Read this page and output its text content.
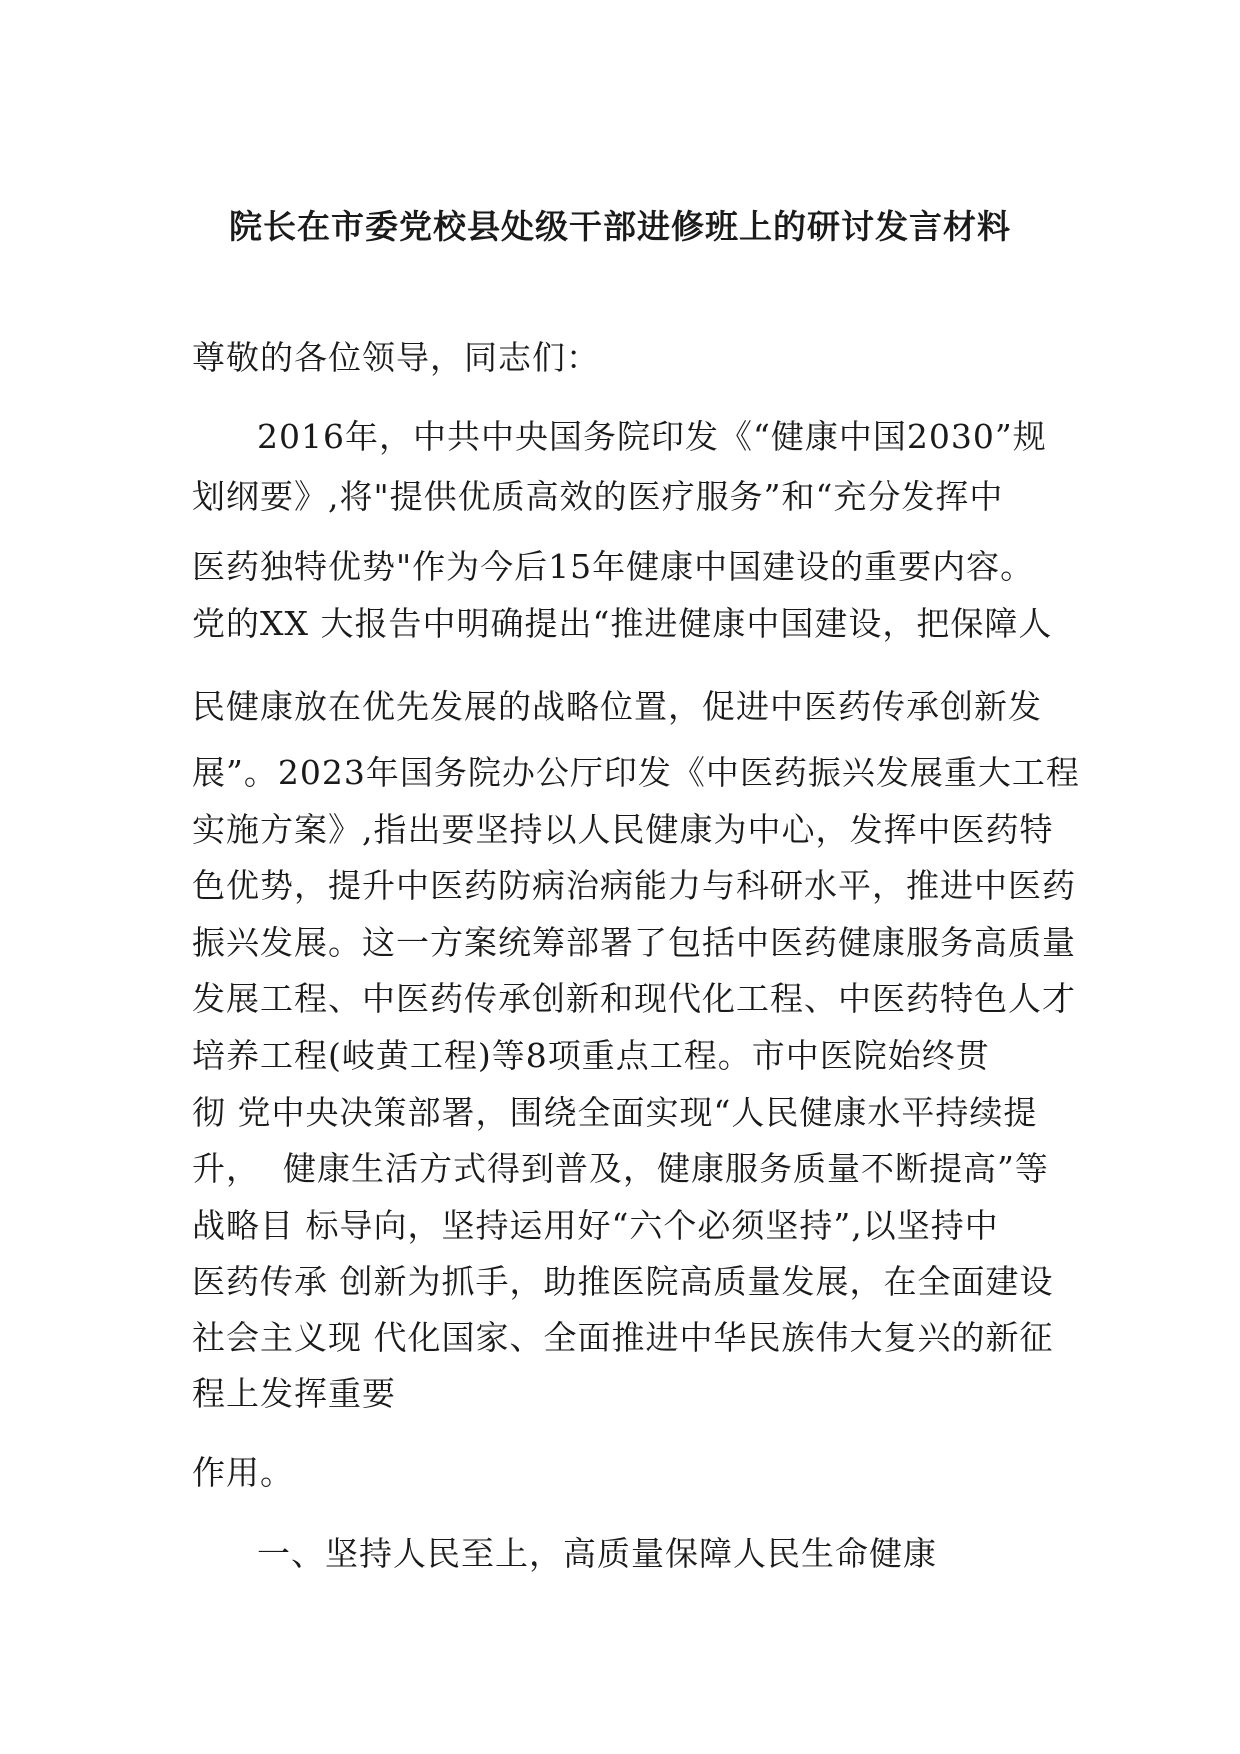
院长在市委党校县处级干部进修班上的研讨发言材料
尊敬的各位领导，同志们：
2016年，中共中央国务院印发《“健康中国2030”规
划纲要》,将"提供优质高效的医疗服务”和“充分发挥中
医药独特优势"作为今后15年健康中国建设的重要内容。
党的XX 大报告中明确提出“推进健康中国建设，把保障人
民健康放在优先发展的战略位置，促进中医药传承创新发
展”。2023年国务院办公厅印发《中医药振兴发展重大工程
实施方案》,指出要坚持以人民健康为中心，发挥中医药特
色优势，提升中医药防病治病能力与科研水平，推进中医药
振兴发展。这一方案统筹部署了包括中医药健康服务高质量
发展工程、中医药传承创新和现代化工程、中医药特色人才
培养工程(岐黄工程)等8项重点工程。市中医院始终贯
彻 党中央决策部署，围绕全面实现“人民健康水平持续提
升，  健康生活方式得到普及，健康服务质量不断提高”等
战略目 标导向，坚持运用好“六个必须坚持”,以坚持中
医药传承 创新为抓手，助推医院高质量发展，在全面建设
社会主义现 代化国家、全面推进中华民族伟大复兴的新征
程上发挥重要
作用。
一、坚持人民至上，高质量保障人民生命健康
